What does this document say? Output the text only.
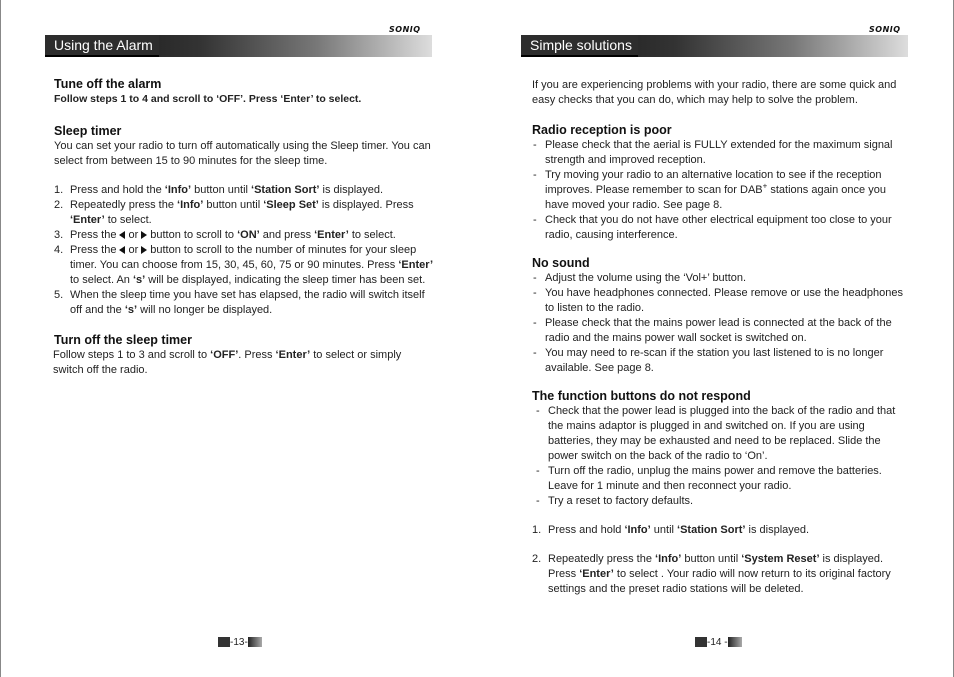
SONIQ
Using the Alarm
Tune off the alarm

Follow steps 1 to 4 and scroll to ‘OFF’. Press ‘Enter’ to select.

Sleep timer

You can set your radio to turn off automatically using the Sleep timer. You can select from between 15 to 90 minutes for the sleep time.

1. Press and hold the ‘Info’ button until ‘Station Sort’ is displayed.
2. Repeatedly press the ‘Info’ button until ‘Sleep Set’ is displayed. Press ‘Enter’ to select.
3. Press the or button to scroll to ‘ON’ and press ‘Enter’ to select.
4. Press the or button to scroll to the number of minutes for your sleep timer. You can choose from 15, 30, 45, 60, 75 or 90 minutes. Press ‘Enter’ to select. An ‘s’ will be displayed, indicating the sleep timer has been set.
5. When the sleep time you have set has elapsed, the radio will switch itself off and the ‘s’ will no longer be displayed.
Turn off the sleep timer

Follow steps 1 to 3 and scroll to ‘OFF’. Press ‘Enter’ to select or simply switch off the radio.

-13-
SONIQ
Simple solutions

If you are experiencing problems with your radio, there are some quick and easy checks that you can do, which may help to solve the problem.

Radio reception is poor
- Please check that the aerial is FULLY extended for the maximum signal strength and improved reception.
- Try moving your radio to an alternative location to see if the reception improves. Please remember to scan for DAB+ stations again once you have moved your radio. See page 8.
- Check that you do not have other electrical equipment too close to your radio, causing interference.
No sound
- Adjust the volume using the ‘Vol+’ button.
- You have headphones connected. Please remove or use the headphones to listen to the radio.
- Please check that the mains power lead is connected at the back of the radio and the mains power wall socket is switched on.
- You may need to re-scan if the station you last listened to is no longer available. See page 8.
The function buttons do not respond
- Check that the power lead is plugged into the back of the radio and that the mains adaptor is plugged in and switched on. If you are using batteries, they may be exhausted and need to be replaced. Slide the power switch on the back of the radio to ‘On’.
- Turn off the radio, unplug the mains power and remove the batteries. Leave for 1 minute and then reconnect your radio.
- Try a reset to factory defaults.
1. Press and hold ‘Info’ until ‘Station Sort’ is displayed.
2. Repeatedly press the ‘Info’ button until ‘System Reset’ is displayed. Press ‘Enter’ to select . Your radio will now return to its original factory settings and the preset radio stations will be deleted.
-14 -
